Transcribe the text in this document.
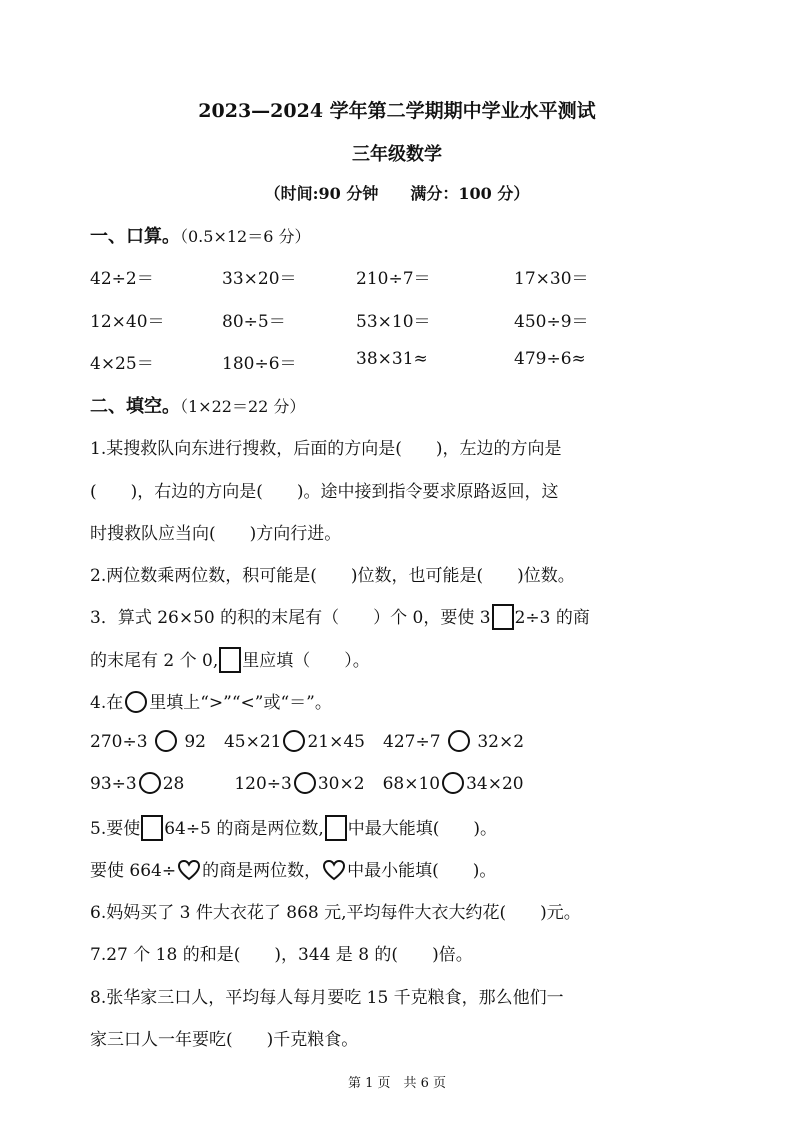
2023—2024 学年第二学期期中学业水平测试
三年级数学
（时间:90 分钟　　满分：100 分）
一、口算。（0.5×12＝6 分）
42÷2＝	33×20＝	210÷7＝	17×30＝
12×40＝	80÷5＝	53×10＝	450÷9＝
4×25＝	180÷6＝	38×31≈	479÷6≈
二、填空。（1×22＝22 分）
1.某搜救队向东进行搜救，后面的方向是(　　)，左边的方向是
(　　)，右边的方向是(　　)。途中接到指令要求原路返回，这
时搜救队应当向(　　)方向行进。
2.两位数乘两位数，积可能是(　　)位数，也可能是(　　)位数。
3．算式 26×50 的积的末尾有（　　）个 0，要使 3 2÷3 的商
的末尾有 2 个 0, 里应填（　　）。
4.在 里填上“>”“<”或“＝”。
270÷3 92 45×21 21×45 427÷7 32×2
93÷3 28	120÷3 30×2 68×10 34×20
5.要使 64÷5 的商是两位数, 中最大能填(　　)。
要使 664÷ 的商是两位数， 中最小能填(　　)。
6.妈妈买了 3 件大衣花了 868 元,平均每件大衣大约花(　　)元。
7.27 个 18 的和是(　　)，344 是 8 的(　　)倍。
8.张华家三口人，平均每人每月要吃 15 千克粮食，那么他们一
家三口人一年要吃(　　)千克粮食。
第 1 页　共 6 页
